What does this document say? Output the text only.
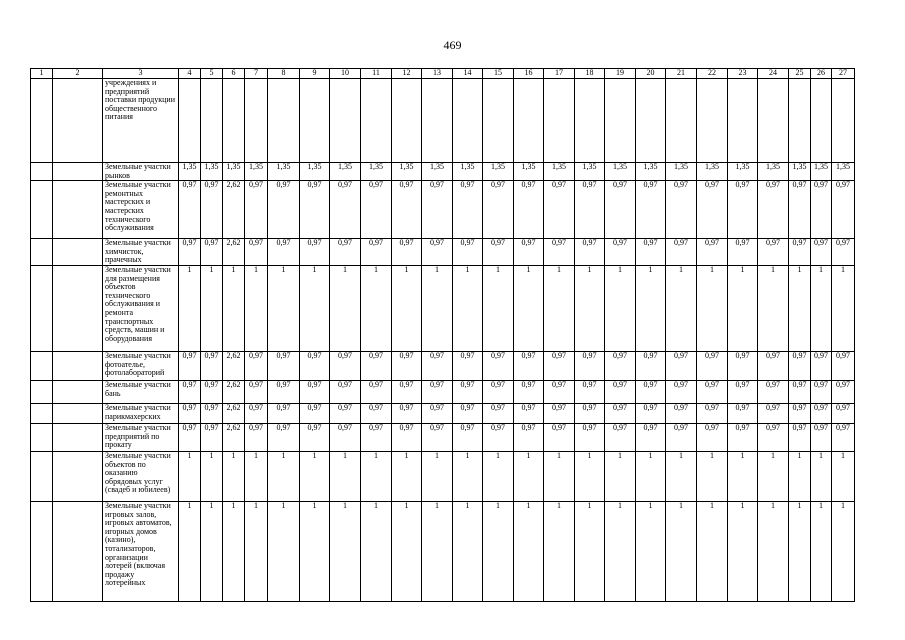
469
1	2	3	4	5	6	7	8	9	10	11	12	13	14	15	16	17	18	19	20	21	22	23	24	25	26	27
		учреждениях и предприятий поставки продукции общественного питания																								
		Земельные участки рынков	1,35	1,35	1,35	1,35	1,35	1,35	1,35	1,35	1,35	1,35	1,35	1,35	1,35	1,35	1,35	1,35	1,35	1,35	1,35	1,35	1,35	1,35	1,35	1,35
		Земельные участки ремонтных мастерских и мастерских технического обслуживания	0,97	0,97	2,62	0,97	0,97	0,97	0,97	0,97	0,97	0,97	0,97	0,97	0,97	0,97	0,97	0,97	0,97	0,97	0,97	0,97	0,97	0,97	0,97	0,97
		Земельные участки химчисток, прачечных	0,97	0,97	2,62	0,97	0,97	0,97	0,97	0,97	0,97	0,97	0,97	0,97	0,97	0,97	0,97	0,97	0,97	0,97	0,97	0,97	0,97	0,97	0,97	0,97
		Земельные участки для размещения объектов технического обслуживания и ремонта транспортных средств, машин и оборудования	1	1	1	1	1	1	1	1	1	1	1	1	1	1	1	1	1	1	1	1	1	1	1	1
		Земельные участки фотоателье, фотолабораторий	0,97	0,97	2,62	0,97	0,97	0,97	0,97	0,97	0,97	0,97	0,97	0,97	0,97	0,97	0,97	0,97	0,97	0,97	0,97	0,97	0,97	0,97	0,97	0,97
		Земельные участки бань	0,97	0,97	2,62	0,97	0,97	0,97	0,97	0,97	0,97	0,97	0,97	0,97	0,97	0,97	0,97	0,97	0,97	0,97	0,97	0,97	0,97	0,97	0,97	0,97
		Земельные участки парикмахерских	0,97	0,97	2,62	0,97	0,97	0,97	0,97	0,97	0,97	0,97	0,97	0,97	0,97	0,97	0,97	0,97	0,97	0,97	0,97	0,97	0,97	0,97	0,97	0,97
		Земельные участки предприятий по прокату	0,97	0,97	2,62	0,97	0,97	0,97	0,97	0,97	0,97	0,97	0,97	0,97	0,97	0,97	0,97	0,97	0,97	0,97	0,97	0,97	0,97	0,97	0,97	0,97
		Земельные участки объектов по оказанию обрядовых услуг (свадеб и юбилеев)	1	1	1	1	1	1	1	1	1	1	1	1	1	1	1	1	1	1	1	1	1	1	1	1
		Земельные участки игровых залов, игровых автоматов, игорных домов (казино), тотализаторов, организации лотерей (включая продажу лотерейных	1	1	1	1	1	1	1	1	1	1	1	1	1	1	1	1	1	1	1	1	1	1	1	1
